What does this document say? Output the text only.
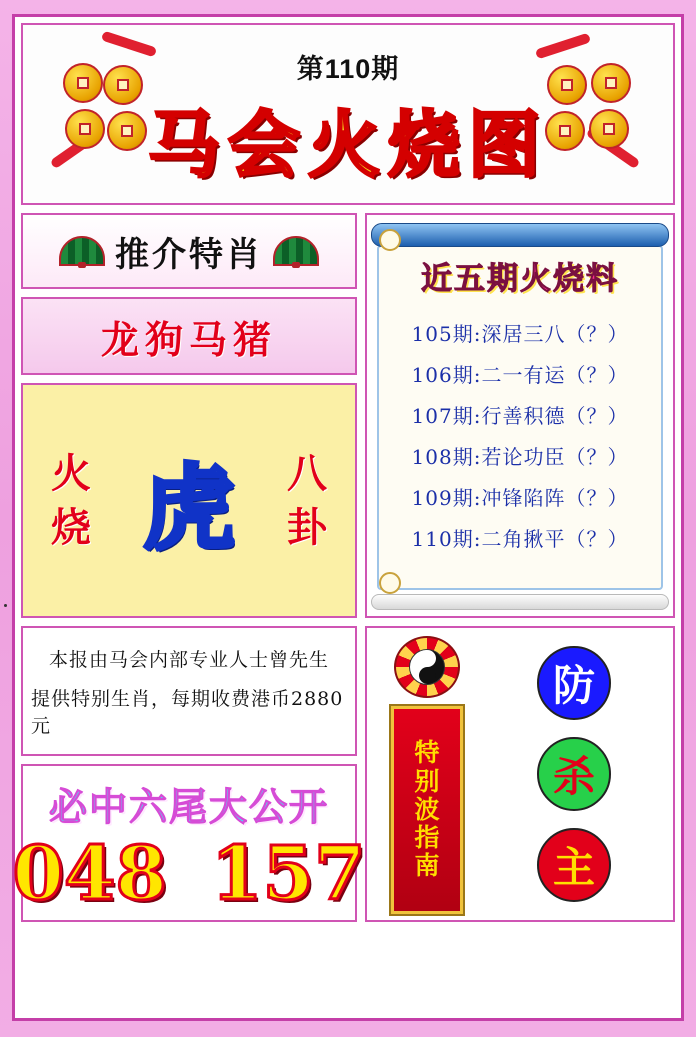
第110期
马会火烧图
推介特肖
龙狗马猪
火
烧 虎 八
卦
近五期火烧料
105期:深居三八（？）
106期:二一有运（？）
107期:行善积德（？）
108期:若论功臣（？）
109期:冲锋陷阵（？）
110期:二角揪平（？）
本报由马会内部专业人士曾先生
提供特别生肖，每期收费港币2880元
必中六尾大公开
048 157
特
别
波
指
南
防
杀
主
